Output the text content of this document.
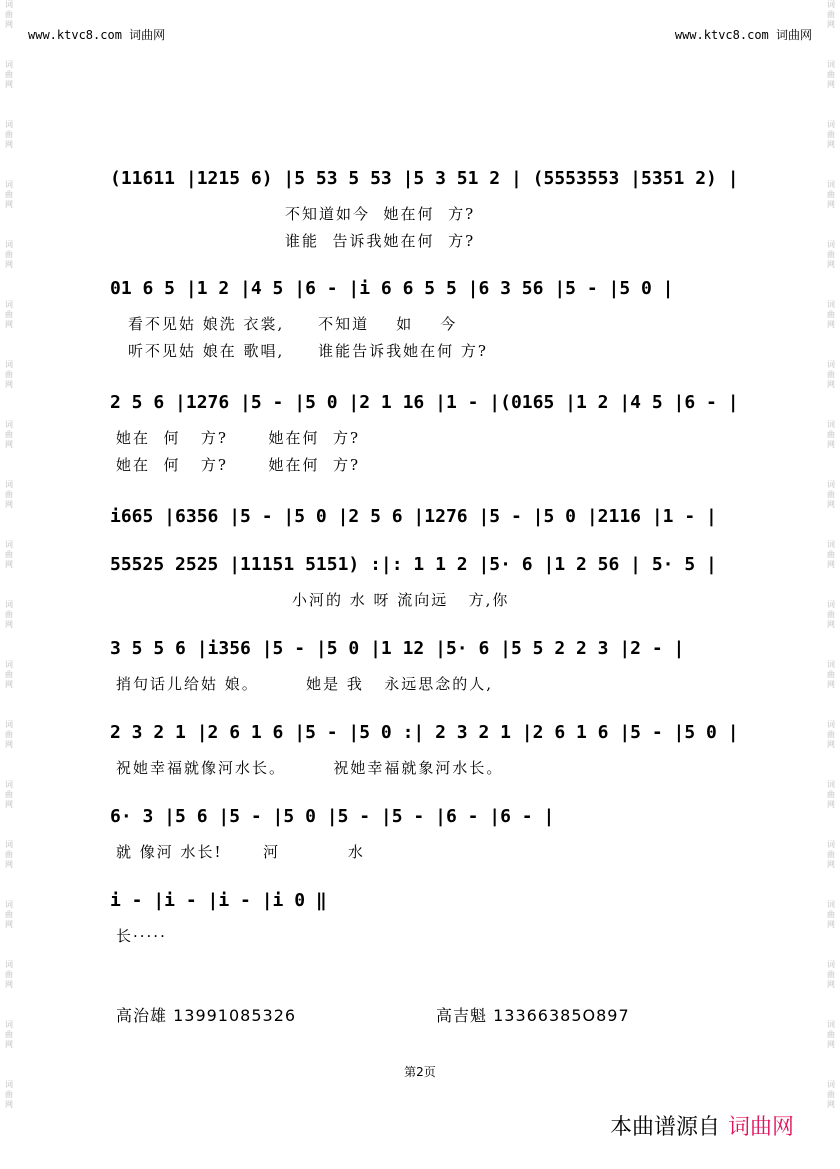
词
曲
网
词
曲
网
词
曲
网
词
曲
网
词
曲
网
词
曲
网
词
曲
网
词
曲
网
词
曲
网
词
曲
网
词
曲
网
词
曲
网
词
曲
网
词
曲
网
词
曲
网
词
曲
网
词
曲
网
词
曲
网
词
曲
网
词
曲
网
词
曲
网
词
曲
网
词
曲
网
词
曲
网
词
曲
网
词
曲
网
词
曲
网
词
曲
网
词
曲
网
词
曲
网
词
曲
网
词
曲
网
词
曲
网
词
曲
网
词
曲
网
词
曲
网
词
曲
网
词
曲
网
www.ktvc8.com 词曲网	www.ktvc8.com 词曲网
(11611 |1215 6) |5 53 5 53 |5 3 51 2 | (5553553 |5351 2) |
不知道如今  她在何  方?
谁能  告诉我她在何  方?
01 6 5 |1 2 |4 5 |6 - |i 6 6 5 5 |6 3 56 |5 - |5 0 |
看不见姑 娘洗 衣裳,     不知道    如    今
听不见姑 娘在 歌唱,     谁能告诉我她在何 方?
2 5 6 |1276 |5 - |5 0 |2 1 16 |1 - |(0165 |1 2 |4 5 |6 - |
她在  何   方?      她在何  方?
她在  何   方?      她在何  方?
i665 |6356 |5 - |5 0 |2 5 6 |1276 |5 - |5 0 |2116 |1 - |
55525 2525 |11151 5151) :|: 1 1 2 |5· 6 |1 2 56 | 5· 5 |
小河的 水 呀 流向远   方,你
3 5 5 6 |i356 |5 - |5 0 |1 12 |5· 6 |5 5 2 2 3 |2 - |
捎句话儿给姑 娘。       她是 我   永远思念的人,
2 3 2 1 |2 6 1 6 |5 - |5 0 :| 2 3 2 1 |2 6 1 6 |5 - |5 0 |
祝她幸福就像河水长。       祝她幸福就象河水长。
6· 3 |5 6 |5 - |5 0 |5 - |5 - |6 - |6 - |
就 像河 水长!      河          水
i - |i - |i - |i 0 ‖
长·····
高治雄 13991085326	高吉魁 13366385O897
第2页
本曲谱源自 词曲网
